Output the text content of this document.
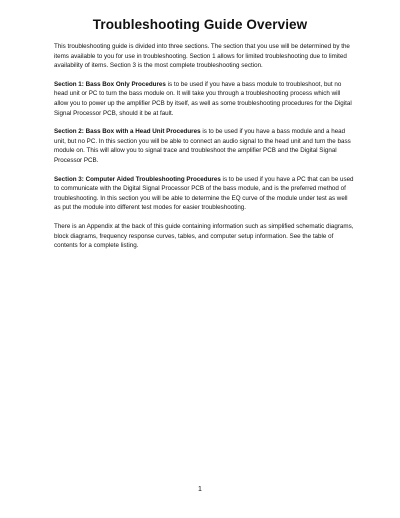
Troubleshooting Guide Overview

This troubleshooting guide is divided into three sections. The section that you use will be determined by the items available to you for use in troubleshooting. Section 1 allows for limited troubleshooting due to limited availability of items. Section 3 is the most complete troubleshooting section.

Section 1: Bass Box Only Procedures is to be used if you have a bass module to troubleshoot, but no head unit or PC to turn the bass module on. It will take you through a troubleshooting process which will allow you to power up the amplifier PCB by itself, as well as some troubleshooting procedures for the Digital Signal Processor PCB, should it be at fault.

Section 2: Bass Box with a Head Unit Procedures is to be used if you have a bass module and a head unit, but no PC. In this section you will be able to connect an audio signal to the head unit and turn the bass module on. This will allow you to signal trace and troubleshoot the amplifier PCB and the Digital Signal Processor PCB.

Section 3: Computer Aided Troubleshooting Procedures is to be used if you have a PC that can be used to communicate with the Digital Signal Processor PCB of the bass module, and is the preferred method of troubleshooting. In this section you will be able to determine the EQ curve of the module under test as well as put the module into different test modes for easier troubleshooting.

There is an Appendix at the back of this guide containing information such as simplified schematic diagrams, block diagrams, frequency response curves, tables, and computer setup information. See the table of contents for a complete listing.

1
